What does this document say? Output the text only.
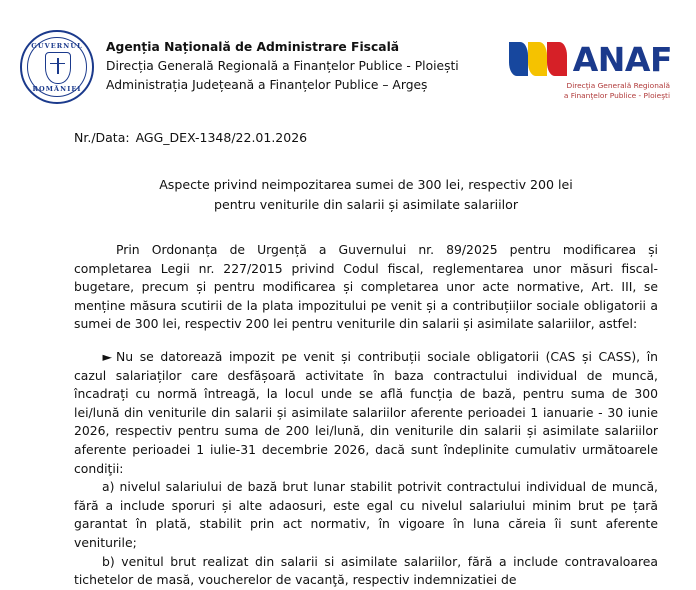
GUVERNUL
ROMÂNIEI
Agenția Națională de Administrare Fiscală
Direcția Generală Regională a Finanțelor Publice - Ploiești
Administrația Județeană a Finanțelor Publice – Argeș
ANAF
Direcţia Generală Regională
a Finanţelor Publice - Ploieşti
Nr./Data: AGG_DEX-1348/22.01.2026
Aspecte privind neimpozitarea sumei de 300 lei, respectiv 200 lei
pentru veniturile din salarii și asimilate salariilor

Prin Ordonanța de Urgență a Guvernului nr. 89/2025 pentru modificarea și completarea Legii nr. 227/2015 privind Codul fiscal, reglementarea unor măsuri fiscal-bugetare, precum și pentru modificarea și completarea unor acte normative, Art. III, se menține măsura scutirii de la plata impozitului pe venit și a contribuțiilor sociale obligatorii a sumei de 300 lei, respectiv 200 lei pentru veniturile din salarii și asimilate salariilor, astfel:

► Nu se datorează impozit pe venit și contribuții sociale obligatorii (CAS și CASS), în cazul salariaților care desfășoară activitate în baza contractului individual de muncă, încadrați cu normă întreagă, la locul unde se află funcția de bază, pentru suma de 300 lei/lună din veniturile din salarii și asimilate salariilor aferente perioadei 1 ianuarie - 30 iunie 2026, respectiv pentru suma de 200 lei/lună, din veniturile din salarii și asimilate salariilor aferente perioadei 1 iulie-31 decembrie 2026, dacă sunt îndeplinite cumulativ următoarele condiţii:

a) nivelul salariului de bază brut lunar stabilit potrivit contractului individual de muncă, fără a include sporuri și alte adaosuri, este egal cu nivelul salariului minim brut pe țară garantat în plată, stabilit prin act normativ, în vigoare în luna căreia îi sunt aferente veniturile;

b) venitul brut realizat din salarii si asimilate salariilor, fără a include contravaloarea tichetelor de masă, voucherelor de vacanţă, respectiv indemnizatiei de
